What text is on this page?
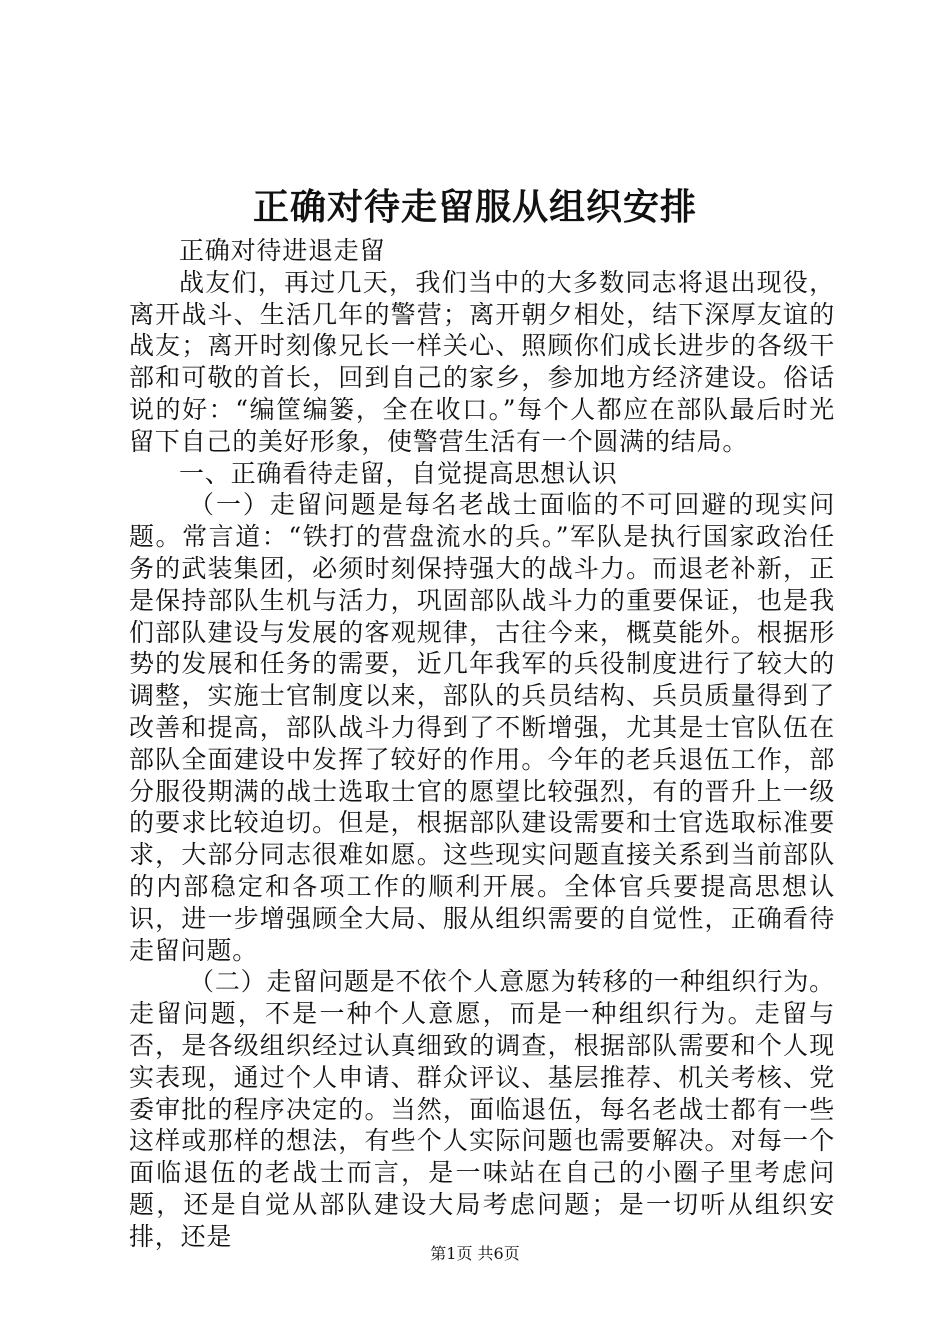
正确对待走留服从组织安排

正确对待进退走留

战友们，再过几天，我们当中的大多数同志将退出现役，离开战斗、生活几年的警营；离开朝夕相处，结下深厚友谊的战友；离开时刻像兄长一样关心、照顾你们成长进步的各级干部和可敬的首长，回到自己的家乡，参加地方经济建设。俗话说的好：“编筐编篓，全在收口。”每个人都应在部队最后时光留下自己的美好形象，使警营生活有一个圆满的结局。

一、正确看待走留，自觉提高思想认识

（一）走留问题是每名老战士面临的不可回避的现实问题。常言道：“铁打的营盘流水的兵。”军队是执行国家政治任务的武装集团，必须时刻保持强大的战斗力。而退老补新，正是保持部队生机与活力，巩固部队战斗力的重要保证，也是我们部队建设与发展的客观规律，古往今来，概莫能外。根据形势的发展和任务的需要，近几年我军的兵役制度进行了较大的调整，实施士官制度以来，部队的兵员结构、兵员质量得到了改善和提高，部队战斗力得到了不断增强，尤其是士官队伍在部队全面建设中发挥了较好的作用。今年的老兵退伍工作，部分服役期满的战士选取士官的愿望比较强烈，有的晋升上一级的要求比较迫切。但是，根据部队建设需要和士官选取标准要求，大部分同志很难如愿。这些现实问题直接关系到当前部队的内部稳定和各项工作的顺利开展。全体官兵要提高思想认识，进一步增强顾全大局、服从组织需要的自觉性，正确看待走留问题。

（二）走留问题是不依个人意愿为转移的一种组织行为。走留问题，不是一种个人意愿，而是一种组织行为。走留与否，是各级组织经过认真细致的调查，根据部队需要和个人现实表现，通过个人申请、群众评议、基层推荐、机关考核、党委审批的程序决定的。当然，面临退伍，每名老战士都有一些这样或那样的想法，有些个人实际问题也需要解决。对每一个面临退伍的老战士而言，是一味站在自己的小圈子里考虑问题，还是自觉从部队建设大局考虑问题；是一切听从组织安排，还是

第1页 共6页
